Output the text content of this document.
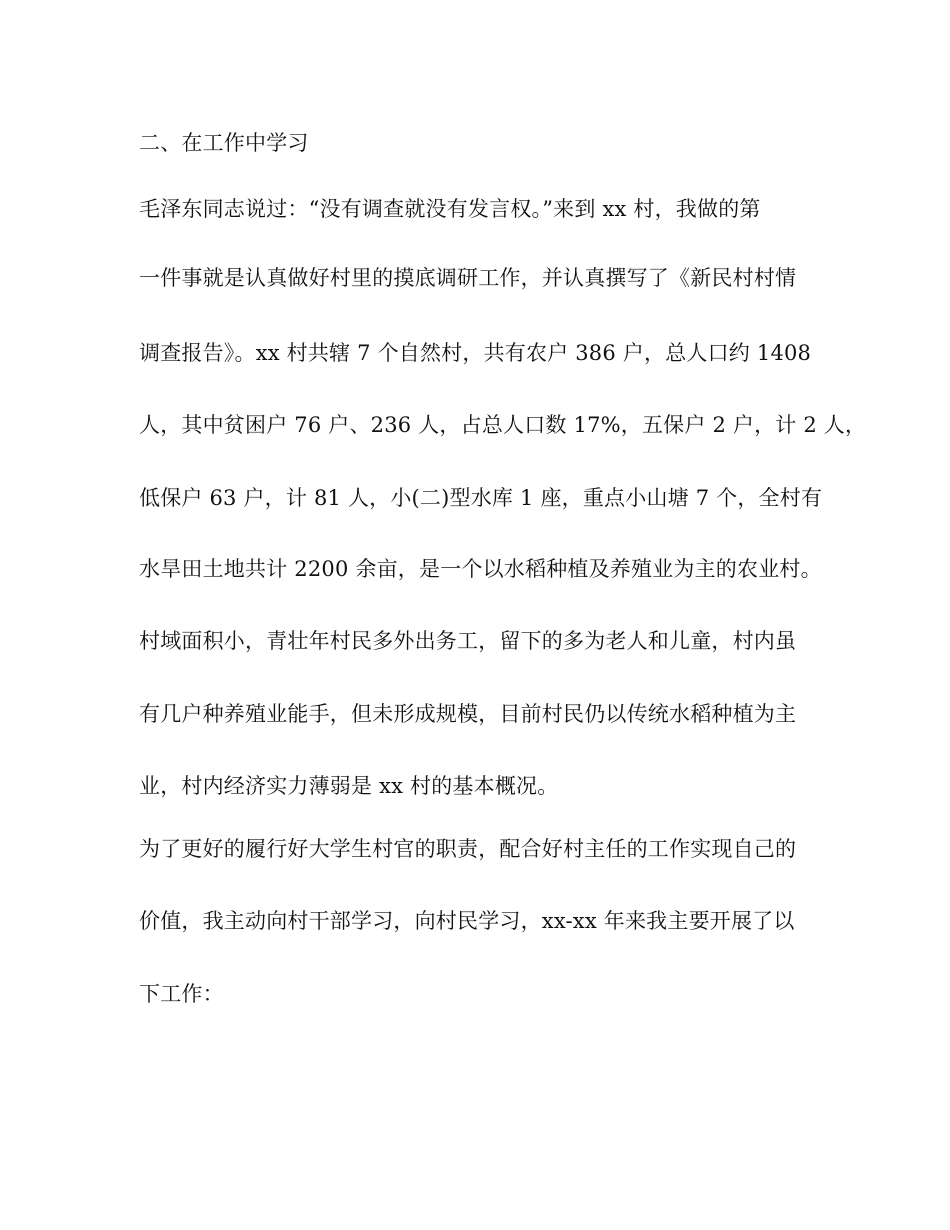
二、在工作中学习
毛泽东同志说过：“没有调查就没有发言权。”来到 xx 村，我做的第
一件事就是认真做好村里的摸底调研工作，并认真撰写了《新民村村情
调查报告》。xx 村共辖 7 个自然村，共有农户 386 户，总人口约 1408
人，其中贫困户 76 户、236 人，占总人口数 17%，五保户 2 户，计 2 人，
低保户 63 户，计 81 人，小(二)型水库 1 座，重点小山塘 7 个，全村有
水旱田土地共计 2200 余亩，是一个以水稻种植及养殖业为主的农业村。
村域面积小，青壮年村民多外出务工，留下的多为老人和儿童，村内虽
有几户种养殖业能手，但未形成规模，目前村民仍以传统水稻种植为主
业，村内经济实力薄弱是 xx 村的基本概况。
为了更好的履行好大学生村官的职责，配合好村主任的工作实现自己的
价值，我主动向村干部学习，向村民学习，xx-xx 年来我主要开展了以
下工作：
